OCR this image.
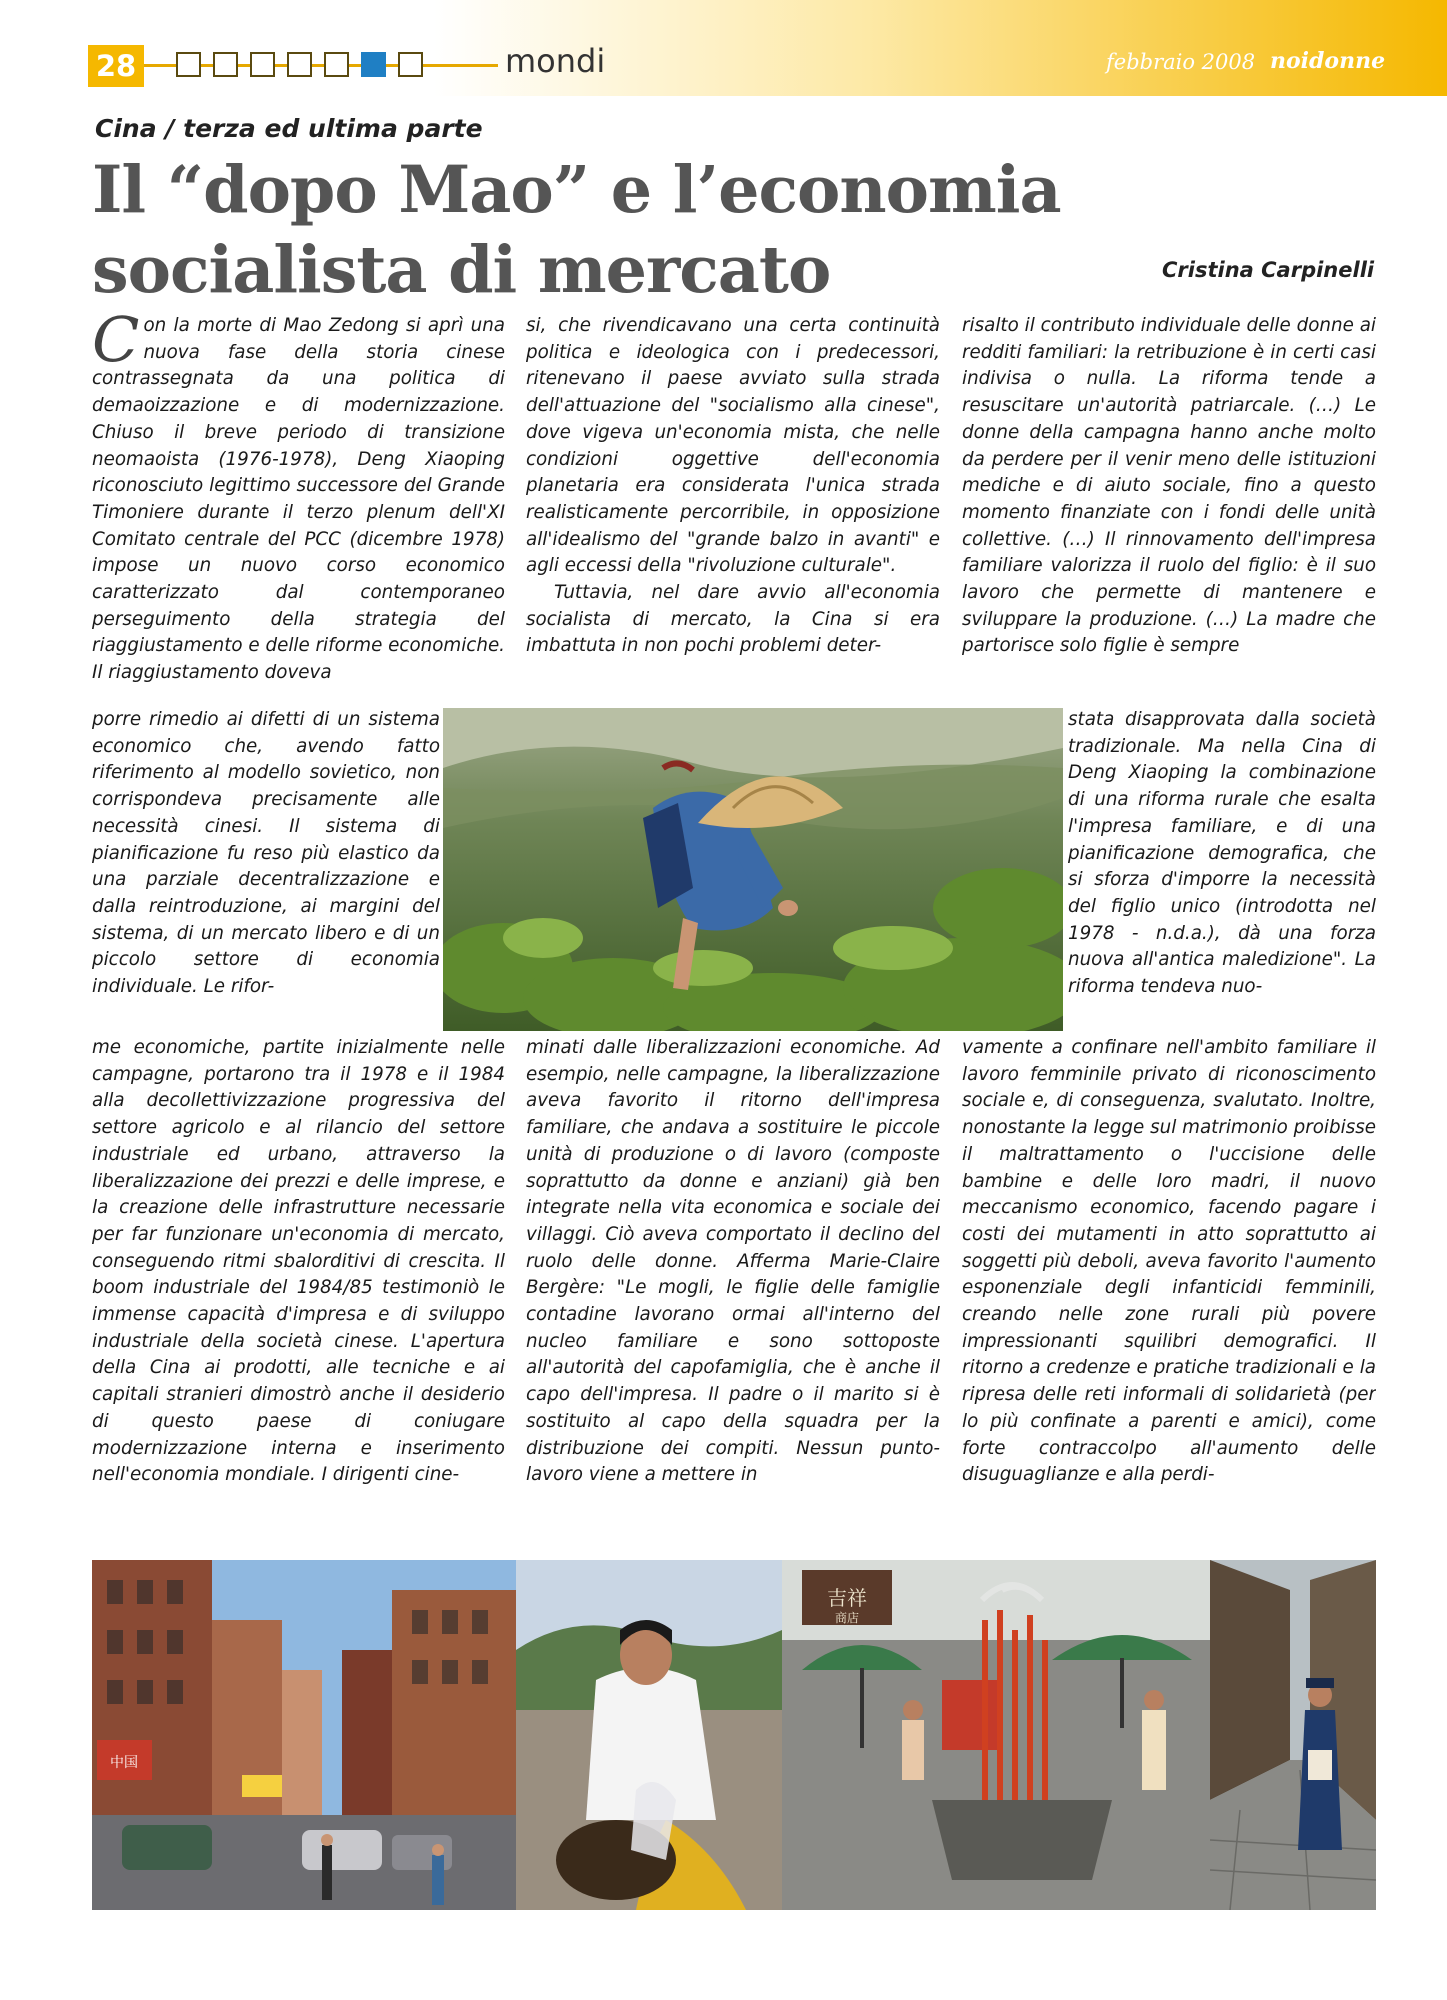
28	mondi	febbraio 2008 noidonne
Cina / terza ed ultima parte
Il “dopo Mao” e l’economia
socialista di mercato	Cristina Carpinelli

Con la morte di Mao Zedong si aprì una nuova fase della storia cinese contrassegnata da una politica di demaoizzazione e di modernizzazione. Chiuso il breve periodo di transizione neomaoista (1976-1978), Deng Xiaoping riconosciuto legittimo successore del Grande Timoniere durante il terzo plenum dell'XI Comitato centrale del PCC (dicembre 1978) impose un nuovo corso economico caratterizzato dal contemporaneo perseguimento della strategia del riaggiustamento e delle riforme economiche. Il riaggiustamento doveva

porre rimedio ai difetti di un sistema economico che, avendo fatto riferimento al modello sovietico, non corrispondeva precisamente alle necessità cinesi. Il sistema di pianificazione fu reso più elastico da una parziale decentralizzazione e dalla reintroduzione, ai margini del sistema, di un mercato libero e di un piccolo settore di economia individuale. Le rifor-

me economiche, partite inizialmente nelle campagne, portarono tra il 1978 e il 1984 alla decollettivizzazione progressiva del settore agricolo e al rilancio del settore industriale ed urbano, attraverso la liberalizzazione dei prezzi e delle imprese, e la creazione delle infrastrutture necessarie per far funzionare un'economia di mercato, conseguendo ritmi sbalorditivi di crescita. Il boom industriale del 1984/85 testimoniò le immense capacità d'impresa e di sviluppo industriale della società cinese. L'apertura della Cina ai prodotti, alle tecniche e ai capitali stranieri dimostrò anche il desiderio di questo paese di coniugare modernizzazione interna e inserimento nell'economia mondiale. I dirigenti cine-

si, che rivendicavano una certa continuità politica e ideologica con i predecessori, ritenevano il paese avviato sulla strada dell'attuazione del "socialismo alla cinese", dove vigeva un'economia mista, che nelle condizioni oggettive dell'economia planetaria era considerata l'unica strada realisticamente percorribile, in opposizione all'idealismo del "grande balzo in avanti" e agli eccessi della "rivoluzione culturale".

Tuttavia, nel dare avvio all'economia socialista di mercato, la Cina si era imbattuta in non pochi problemi deter-

minati dalle liberalizzazioni economiche. Ad esempio, nelle campagne, la liberalizzazione aveva favorito il ritorno dell'impresa familiare, che andava a sostituire le piccole unità di produzione o di lavoro (composte soprattutto da donne e anziani) già ben integrate nella vita economica e sociale dei villaggi. Ciò aveva comportato il declino del ruolo delle donne. Afferma Marie-Claire Bergère: "Le mogli, le figlie delle famiglie contadine lavorano ormai all'interno del nucleo familiare e sono sottoposte all'autorità del capofamiglia, che è anche il capo dell'impresa. Il padre o il marito si è sostituito al capo della squadra per la distribuzione dei compiti. Nessun punto-lavoro viene a mettere in

risalto il contributo individuale delle donne ai redditi familiari: la retribuzione è in certi casi indivisa o nulla. La riforma tende a resuscitare un'autorità patriarcale. (…) Le donne della campagna hanno anche molto da perdere per il venir meno delle istituzioni mediche e di aiuto sociale, fino a questo momento finanziate con i fondi delle unità collettive. (…) Il rinnovamento dell'impresa familiare valorizza il ruolo del figlio: è il suo lavoro che permette di mantenere e sviluppare la produzione. (…) La madre che partorisce solo figlie è sempre

stata disapprovata dalla società tradizionale. Ma nella Cina di Deng Xiaoping la combinazione di una riforma rurale che esalta l'impresa familiare, e di una pianificazione demografica, che si sforza d'imporre la necessità del figlio unico (introdotta nel 1978 - n.d.a.), dà una forza nuova all'antica maledizione". La riforma tendeva nuo-

vamente a confinare nell'ambito familiare il lavoro femminile privato di riconoscimento sociale e, di conseguenza, svalutato. Inoltre, nonostante la legge sul matrimonio proibisse il maltrattamento o l'uccisione delle bambine e delle loro madri, il nuovo meccanismo economico, facendo pagare i costi dei mutamenti in atto soprattutto ai soggetti più deboli, aveva favorito l'aumento esponenziale degli infanticidi femminili, creando nelle zone rurali più povere impressionanti squilibri demografici. Il ritorno a credenze e pratiche tradizionali e la ripresa delle reti informali di solidarietà (per lo più confinate a parenti e amici), come forte contraccolpo all'aumento delle disuguaglianze e alla perdi-

中国
吉祥
商店
